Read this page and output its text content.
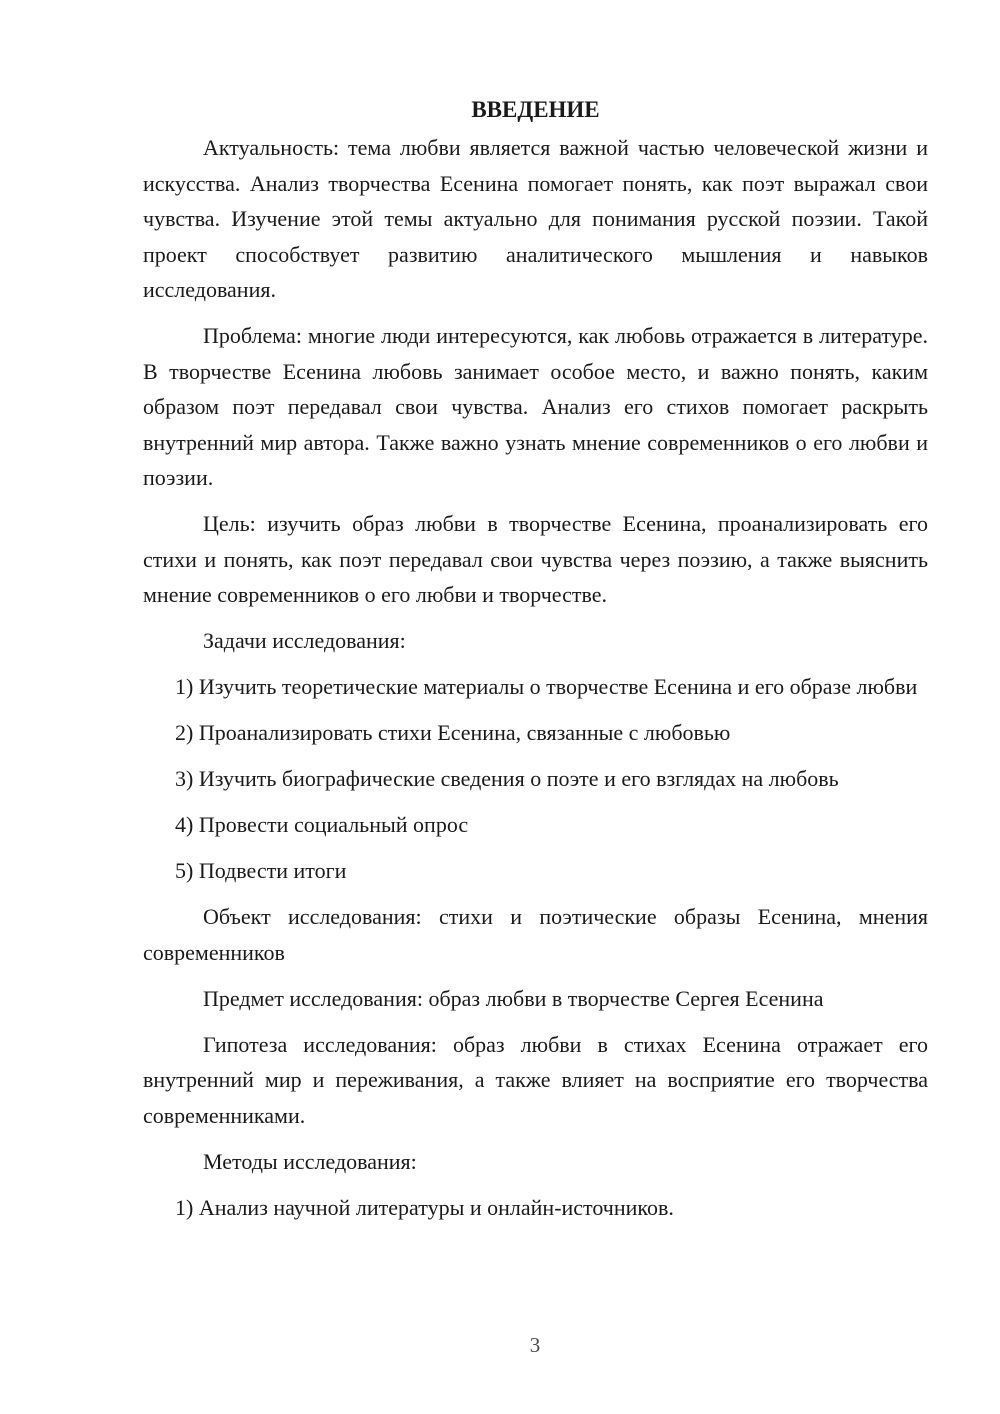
ВВЕДЕНИЕ

Актуальность: тема любви является важной частью человеческой жизни и искусства. Анализ творчества Есенина помогает понять, как поэт выражал свои чувства. Изучение этой темы актуально для понимания русской поэзии. Такой проект способствует развитию аналитического мышления и навыков исследования.

Проблема: многие люди интересуются, как любовь отражается в литературе. В творчестве Есенина любовь занимает особое место, и важно понять, каким образом поэт передавал свои чувства. Анализ его стихов помогает раскрыть внутренний мир автора. Также важно узнать мнение современников о его любви и поэзии.

Цель: изучить образ любви в творчестве Есенина, проанализировать его стихи и понять, как поэт передавал свои чувства через поэзию, а также выяснить мнение современников о его любви и творчестве.

Задачи исследования:

1) Изучить теоретические материалы о творчестве Есенина и его образе любви

2) Проанализировать стихи Есенина, связанные с любовью

3) Изучить биографические сведения о поэте и его взглядах на любовь

4) Провести социальный опрос

5) Подвести итоги

Объект исследования: стихи и поэтические образы Есенина, мнения современников

Предмет исследования: образ любви в творчестве Сергея Есенина

Гипотеза исследования: образ любви в стихах Есенина отражает его внутренний мир и переживания, а также влияет на восприятие его творчества современниками.

Методы исследования:

1) Анализ научной литературы и онлайн-источников.

3
